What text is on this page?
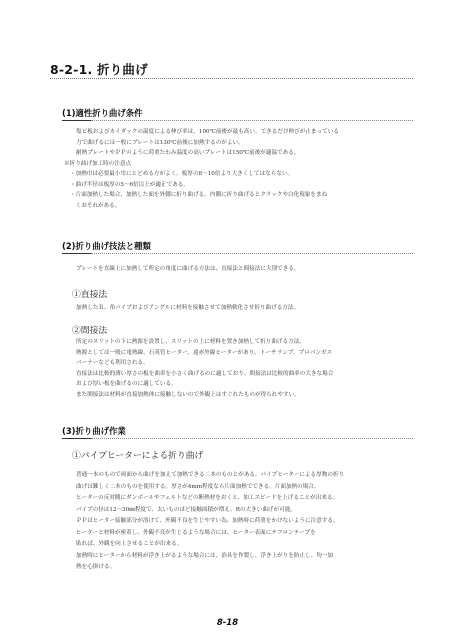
8-2-1. 折り曲げ
(1)適性折り曲げ条件
塩ビ板およびカイダックの温度による伸び率は、100℃前後が最も高い。できるだけ伸びが止まっている
力で曲げるには一般にプレートは130℃前後に加熱するのがよい。
耐熱プレートやＰＰのように荷重たわみ温度の高いプレートは150℃前後が適温である。
※折り曲げ加工時の注意点
・加熱巾は必要最小巾にとどめる方がよく、板厚の8～10倍より大きくしてはならない。
・曲げ半径は板厚の5～6倍以上が適正である。
・片面加熱した場合、加熱した面を外側に折り曲げる。内側に折り曲げるとクラックや白化現象をまね
　くおそれがある。
(2)折り曲げ技法と種類
プレートを直線上に加熱して所定の角度に曲げる方法は、直接法と間接法に大別できる。
①直接法
加熱したＲ、角パイプおよびアングルに材料を接触させて加熱軟化させ折り曲げる方法。
②間接法
所定のスリットの下に熱源を設置し、スリットの上に材料を置き加熱して折り曲げる方法。
熱源としては一般に電熱線、石英管ヒーター、遠赤外線ヒーターがあり、トーチランプ、プロパンガス
バーナーなども利用される。
直接法は比較的薄い厚さの板を曲率を小さく曲げるのに適しており、間接法は比較的曲率の大きな場合
および厚い板を曲げるのに適している。
また間接法は材料が直接加熱体に接触しないので外観上はすぐれたものが得られやすい。
(3)折り曲げ作業
①パイプヒーターによる折り曲げ
普通一本のもので両面から曲げを加えて加熱できる二本のものとがある。パイプヒーターによる厚物の折り
曲げは難しく二本のものを使用する。厚さが4mm程度なら片面加熱でできる。片面加熱の場合、
ヒーターの反対側にダンボールやフェルトなどの断熱材をおくと、加工スピードを上げることが出来る。
パイプの径は12～30㎜程度で、太いものほど接触面積が増え、Rの大きい曲げが可能。
ＰＰはヒーター接触部分が溶けて、外観不良を生じやすい為、加熱時に荷重をかけないように注意する。
ヒーターと材料が密着し、外観不良が生じるような場合には、ヒーター表面にテフロンテープを
貼れば、外観を向上させることが出来る。
加熱時にヒーターから材料が浮き上がるような場合には、治具を作製し、浮き上がりを防止し、均一加
熱を心掛ける。
8-18
